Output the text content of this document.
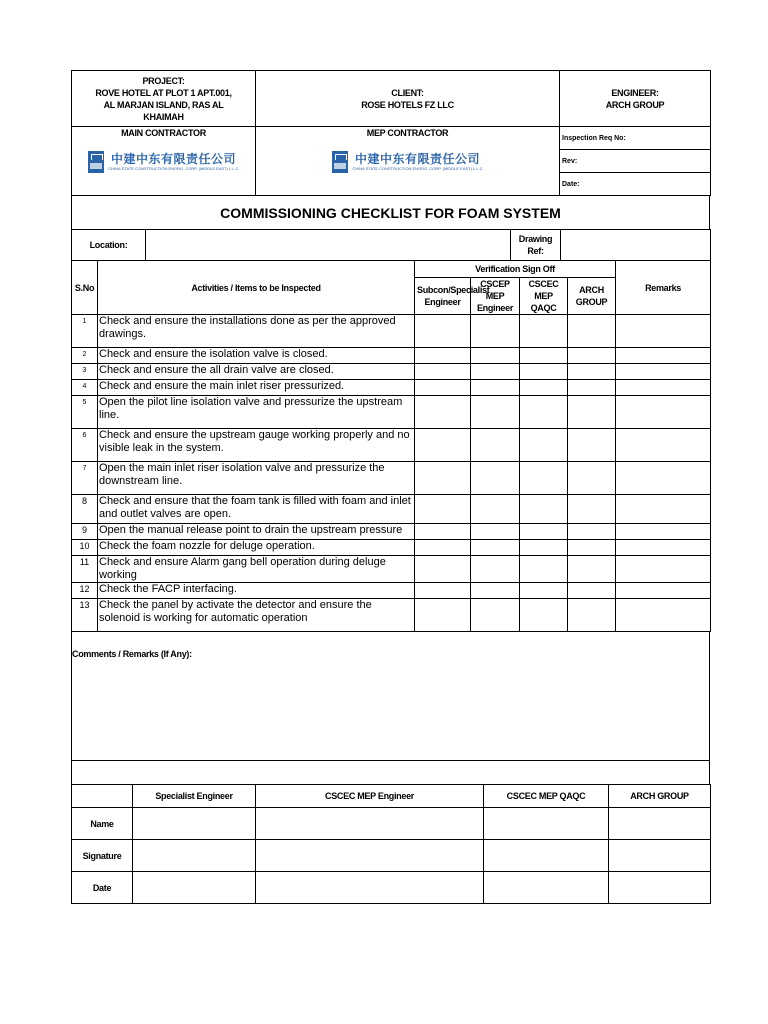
PROJECT:
ROVE HOTEL AT PLOT 1 APT.001,
AL MARJAN ISLAND, RAS AL
KHAIMAH

CLIENT:
ROSE HOTELS FZ LLC

ENGINEER:
ARCH GROUP
MAIN CONTRACTOR
中建中东有限责任公司
CHINA STATE CONSTRUCTION ENGRG. CORP. (MIDDLE EAST) L.L.C

MEP CONTRACTOR
中建中东有限责任公司
CHINA STATE CONSTRUCTION ENGRG. CORP. (MIDDLE EAST) L.L.C
	Inspection Req No:
Rev:
Date:
COMMISSIONING CHECKLIST FOR FOAM SYSTEM
Location:		Drawing Ref:	
S.No	Activities / Items to be Inspected	Verification Sign Off				Remarks
		Subcon/Specialist Engineer	CSCEP MEP Engineer	CSCEC MEP QAQC	ARCH GROUP	
1	Check and ensure the installations done as per the approved drawings.					
2	Check and ensure the isolation valve is closed.					
3	Check and ensure the all drain valve are closed.					
4	Check and ensure the main inlet riser pressurized.					
5	Open the pilot line isolation valve and pressurize the upstream line.					
6	Check and ensure the upstream gauge working properly and no visible leak in the system.					
7	Open the main inlet riser isolation valve and pressurize the downstream line.					
8	Check and ensure that the foam tank is filled with foam and inlet and outlet valves are open.					
9	Open the manual release point to drain the upstream pressure					
10	Check the foam nozzle for deluge operation.					
11	Check and ensure Alarm gang bell operation during deluge working					
12	Check the FACP interfacing.					
13	Check the panel by activate the detector and ensure the solenoid is working for automatic operation					
Comments / Remarks (If Any):

	Specialist Engineer	CSCEC MEP Engineer	CSCEC MEP QAQC	ARCH GROUP
Name				
Signature				
Date				
